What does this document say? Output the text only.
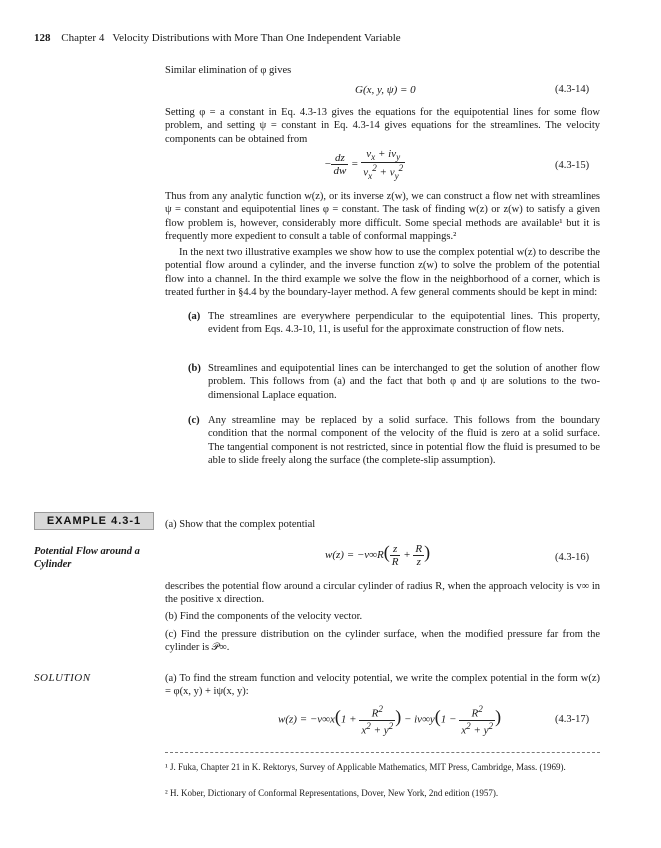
128 Chapter 4   Velocity Distributions with More Than One Independent Variable
Similar elimination of φ gives
G(x, y, ψ) = 0	(4.3-14)
Setting φ = a constant in Eq. 4.3-13 gives the equations for the equipotential lines for some flow problem, and setting ψ = constant in Eq. 4.3-14 gives equations for the streamlines. The velocity components can be obtained from
− $\frac{dz}{dw} = \frac{v_x + iv_y}{v_x^2 + v_y^2}$	(4.3-15)
Thus from any analytic function w(z), or its inverse z(w), we can construct a flow net with streamlines ψ = constant and equipotential lines φ = constant. The task of finding w(z) or z(w) to satisfy a given flow problem is, however, considerably more difficult. Some special methods are available¹ but it is frequently more expedient to consult a table of conformal mappings.²
In the next two illustrative examples we show how to use the complex potential w(z) to describe the potential flow around a cylinder, and the inverse function z(w) to solve the problem of the potential flow into a channel. In the third example we solve the flow in the neighborhood of a corner, which is treated further in §4.4 by the boundary-layer method. A few general comments should be kept in mind:
(a) The streamlines are everywhere perpendicular to the equipotential lines. This property, evident from Eqs. 4.3-10, 11, is useful for the approximate construction of flow nets.
(b) Streamlines and equipotential lines can be interchanged to get the solution of another flow problem. This follows from (a) and the fact that both φ and ψ are solutions to the two-dimensional Laplace equation.
(c) Any streamline may be replaced by a solid surface. This follows from the boundary condition that the normal component of the velocity of the fluid is zero at a solid surface. The tangential component is not restricted, since in potential flow the fluid is presumed to be able to slide freely along the surface (the complete-slip assumption).
EXAMPLE 4.3-1
Potential Flow around a Cylinder
(a) Show that the complex potential
$w(z) = -v\infty R( \frac{z}{R} + \frac{R}{z}$ )	(4.3-16)
describes the potential flow around a circular cylinder of radius R, when the approach velocity is v∞ in the positive x direction.
(b) Find the components of the velocity vector.
(c) Find the pressure distribution on the cylinder surface, when the modified pressure far from the cylinder is 𝒫∞.
SOLUTION	(a) To find the stream function and velocity potential, we write the complex potential in the form w(z) = φ(x, y) + iψ(x, y):
$w(z) = -v\infty x(1 + \frac{R^2}{x^2 + y^2}$ ) − $iv\infty y(1 - \frac{R^2}{x^2 + y^2}$ )	(4.3-17)
¹ J. Fuka, Chapter 21 in K. Rektorys, Survey of Applicable Mathematics, MIT Press, Cambridge, Mass. (1969).
² H. Kober, Dictionary of Conformal Representations, Dover, New York, 2nd edition (1957).
